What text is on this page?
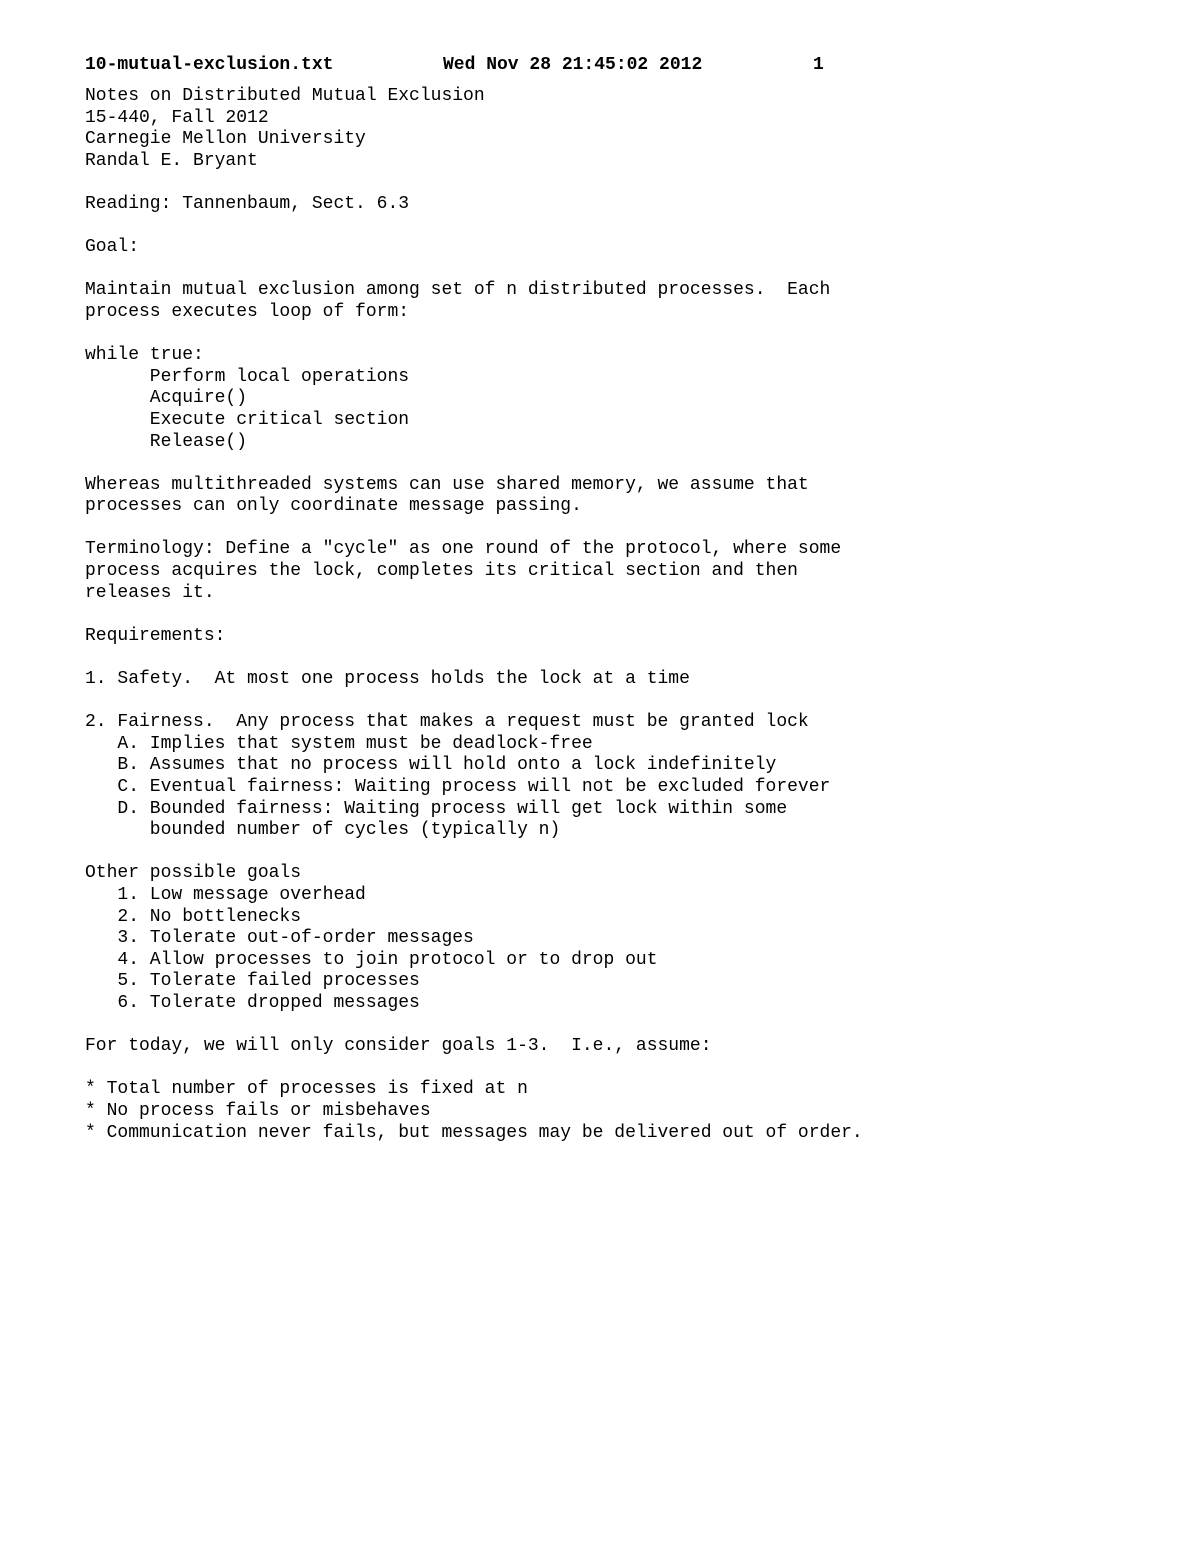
10-mutual-exclusion.txt	Wed Nov 28 21:45:02 2012	1
Notes on Distributed Mutual Exclusion
15-440, Fall 2012
Carnegie Mellon University
Randal E. Bryant
Reading: Tannenbaum, Sect. 6.3
Goal:
Maintain mutual exclusion among set of n distributed processes.  Each
process executes loop of form:
while true:
Perform local operations
Acquire()
Execute critical section
Release()
Whereas multithreaded systems can use shared memory, we assume that
processes can only coordinate message passing.
Terminology: Define a "cycle" as one round of the protocol, where some
process acquires the lock, completes its critical section and then
releases it.
Requirements:
1. Safety.  At most one process holds the lock at a time
2. Fairness.  Any process that makes a request must be granted lock
A. Implies that system must be deadlock-free
B. Assumes that no process will hold onto a lock indefinitely
C. Eventual fairness: Waiting process will not be excluded forever
D. Bounded fairness: Waiting process will get lock within some
bounded number of cycles (typically n)
Other possible goals
1. Low message overhead
2. No bottlenecks
3. Tolerate out-of-order messages
4. Allow processes to join protocol or to drop out
5. Tolerate failed processes
6. Tolerate dropped messages
For today, we will only consider goals 1-3.  I.e., assume:
* Total number of processes is fixed at n
* No process fails or misbehaves
* Communication never fails, but messages may be delivered out of order.
